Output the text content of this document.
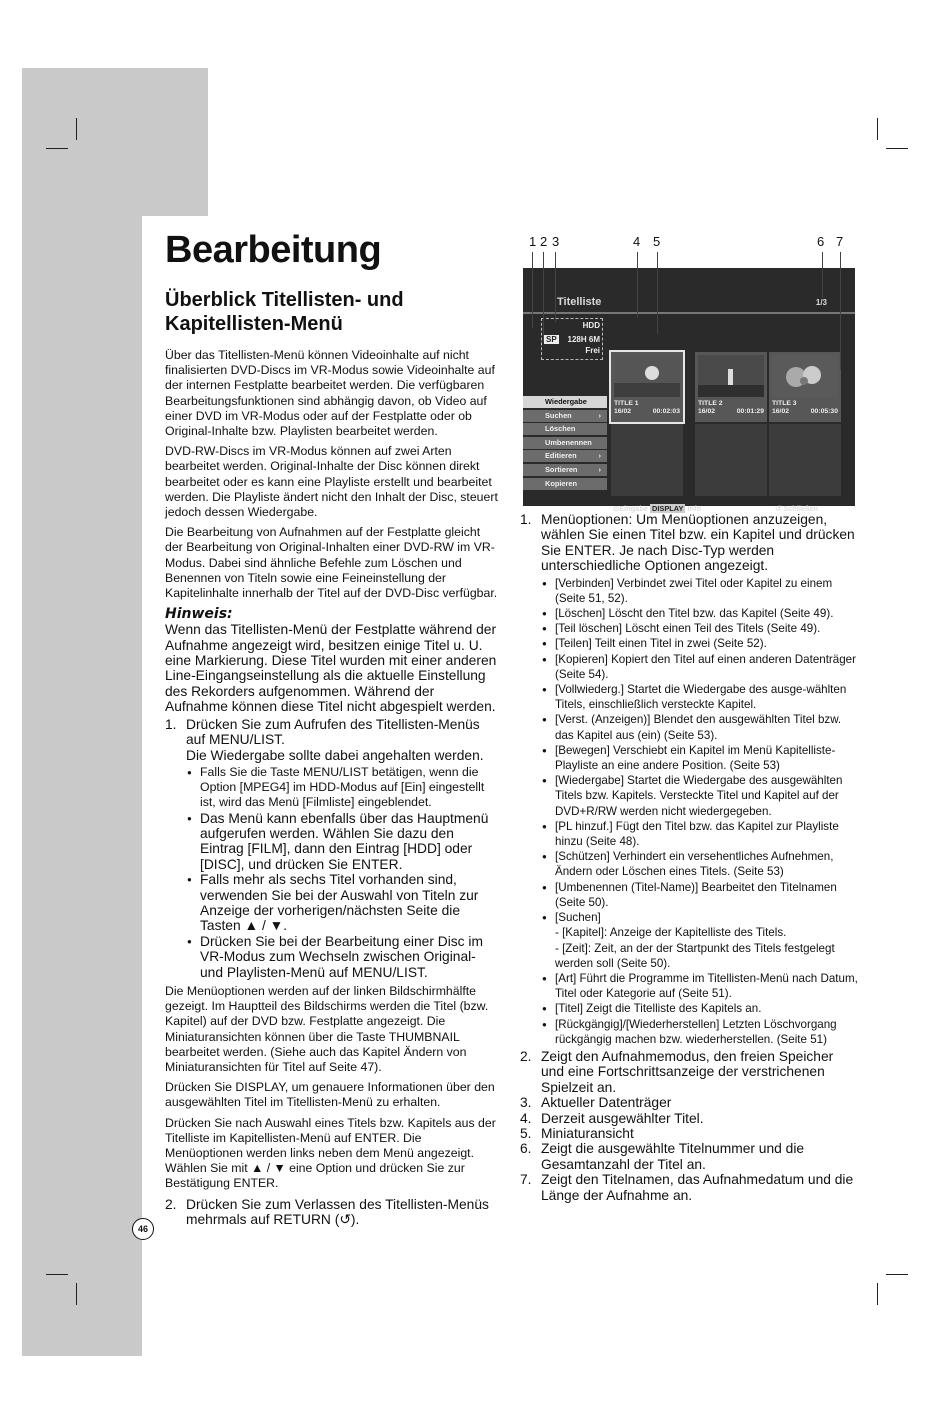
Bearbeitung
Überblick Titellisten- und
Kapitellisten-Menü

Über das Titellisten-Menü können Videoinhalte auf nicht finalisierten DVD-Discs im VR-Modus sowie Videoinhalte auf der internen Festplatte bearbeitet werden. Die verfügbaren Bearbeitungsfunktionen sind abhängig davon, ob Video auf einer DVD im VR-Modus oder auf der Festplatte oder ob Original-Inhalte bzw. Playlisten bearbeitet werden.

DVD-RW-Discs im VR-Modus können auf zwei Arten bearbeitet werden. Original-Inhalte der Disc können direkt bearbeitet oder es kann eine Playliste erstellt und bearbeitet werden. Die Playliste ändert nicht den Inhalt der Disc, steuert jedoch dessen Wiedergabe.

Die Bearbeitung von Aufnahmen auf der Festplatte gleicht der Bearbeitung von Original-Inhalten einer DVD-RW im VR-Modus. Dabei sind ähnliche Befehle zum Löschen und Benennen von Titeln sowie eine Feineinstellung der Kapitelinhalte innerhalb der Titel auf der DVD-Disc verfügbar.

Hinweis:

Wenn das Titellisten-Menü der Festplatte während der Aufnahme angezeigt wird, besitzen einige Titel u. U. eine Markierung. Diese Titel wurden mit einer anderen Line-Eingangseinstellung als die aktuelle Einstellung des Rekorders aufgenommen. Während der Aufnahme können diese Titel nicht abgespielt werden.

1. Drücken Sie zum Aufrufen des Titellisten-Menüs auf MENU/LIST.
Die Wiedergabe sollte dabei angehalten werden.
● Falls Sie die Taste MENU/LIST betätigen, wenn die Option [MPEG4] im HDD-Modus auf [Ein] eingestellt ist, wird das Menü [Filmliste] eingeblendet.
● Das Menü kann ebenfalls über das Hauptmenü aufgerufen werden. Wählen Sie dazu den Eintrag [FILM], dann den Eintrag [HDD] oder [DISC], und drücken Sie ENTER.
● Falls mehr als sechs Titel vorhanden sind, verwenden Sie bei der Auswahl von Titeln zur Anzeige der vorherigen/nächsten Seite die Tasten ▲ / ▼.
● Drücken Sie bei der Bearbeitung einer Disc im VR-Modus zum Wechseln zwischen Original- und Playlisten-Menü auf MENU/LIST.

Die Menüoptionen werden auf der linken Bildschirmhälfte gezeigt. Im Hauptteil des Bildschirms werden die Titel (bzw. Kapitel) auf der DVD bzw. Festplatte angezeigt. Die Miniaturansichten können über die Taste THUMBNAIL bearbeitet werden. (Siehe auch das Kapitel Ändern von Miniaturansichten für Titel auf Seite 47).

Drücken Sie DISPLAY, um genauere Informationen über den ausgewählten Titel im Titellisten-Menü zu erhalten.

Drücken Sie nach Auswahl eines Titels bzw. Kapitels aus der Titelliste im Kapitellisten-Menü auf ENTER. Die Menüoptionen werden links neben dem Menü angezeigt. Wählen Sie mit ▲ / ▼ eine Option und drücken Sie zur Bestätigung ENTER.

2. Drücken Sie zum Verlassen des Titellisten-Menüs mehrmals auf RETURN (↺).
1 2 3	4 5	6 7
Titelliste	1/3
HDD
SP 128H 6M
Frei
Wiedergabe
Suchen	›
Löschen
Umbenennen
Editieren	›
Sortieren	›
Kopieren
TITLE 1
16/02	00:02:03
TITLE 2
16/02	00:01:29
TITLE 3
16/02	00:05:30
⊙Eingabe DISPLAY Info	↺ Schließen
1. Menüoptionen: Um Menüoptionen anzuzeigen, wählen Sie einen Titel bzw. ein Kapitel und drücken Sie ENTER. Je nach Disc-Typ werden unterschiedliche Optionen angezeigt.
● [Verbinden] Verbindet zwei Titel oder Kapitel zu einem (Seite 51, 52).
● [Löschen] Löscht den Titel bzw. das Kapitel (Seite 49).
● [Teil löschen] Löscht einen Teil des Titels (Seite 49).
● [Teilen] Teilt einen Titel in zwei (Seite 52).
● [Kopieren] Kopiert den Titel auf einen anderen Datenträger (Seite 54).
● [Vollwiederg.] Startet die Wiedergabe des ausge-wählten Titels, einschließlich versteckte Kapitel.
● [Verst. (Anzeigen)] Blendet den ausgewählten Titel bzw. das Kapitel aus (ein) (Seite 53).
● [Bewegen] Verschiebt ein Kapitel im Menü Kapitelliste-Playliste an eine andere Position. (Seite 53)
● [Wiedergabe] Startet die Wiedergabe des ausgewählten Titels bzw. Kapitels. Versteckte Titel und Kapitel auf der DVD+R/RW werden nicht wiedergegeben.
● [PL hinzuf.] Fügt den Titel bzw. das Kapitel zur Playliste hinzu (Seite 48).
● [Schützen] Verhindert ein versehentliches Aufnehmen, Ändern oder Löschen eines Titels. (Seite 53)
● [Umbenennen (Titel-Name)] Bearbeitet den Titelnamen (Seite 50).
● [Suchen]
- [Kapitel]: Anzeige der Kapitelliste des Titels.
- [Zeit]: Zeit, an der der Startpunkt des Titels festgelegt werden soll (Seite 50).
● [Art] Führt die Programme im Titellisten-Menü nach Datum, Titel oder Kategorie auf (Seite 51).
● [Titel] Zeigt die Titelliste des Kapitels an.
● [Rückgängig]/[Wiederherstellen] Letzten Löschvorgang rückgängig machen bzw. wiederherstellen. (Seite 51)
2. Zeigt den Aufnahmemodus, den freien Speicher und eine Fortschrittsanzeige der verstrichenen Spielzeit an.
3. Aktueller Datenträger
4. Derzeit ausgewählter Titel.
5. Miniaturansicht
6. Zeigt die ausgewählte Titelnummer und die Gesamtanzahl der Titel an.
7. Zeigt den Titelnamen, das Aufnahmedatum und die Länge der Aufnahme an.
46
